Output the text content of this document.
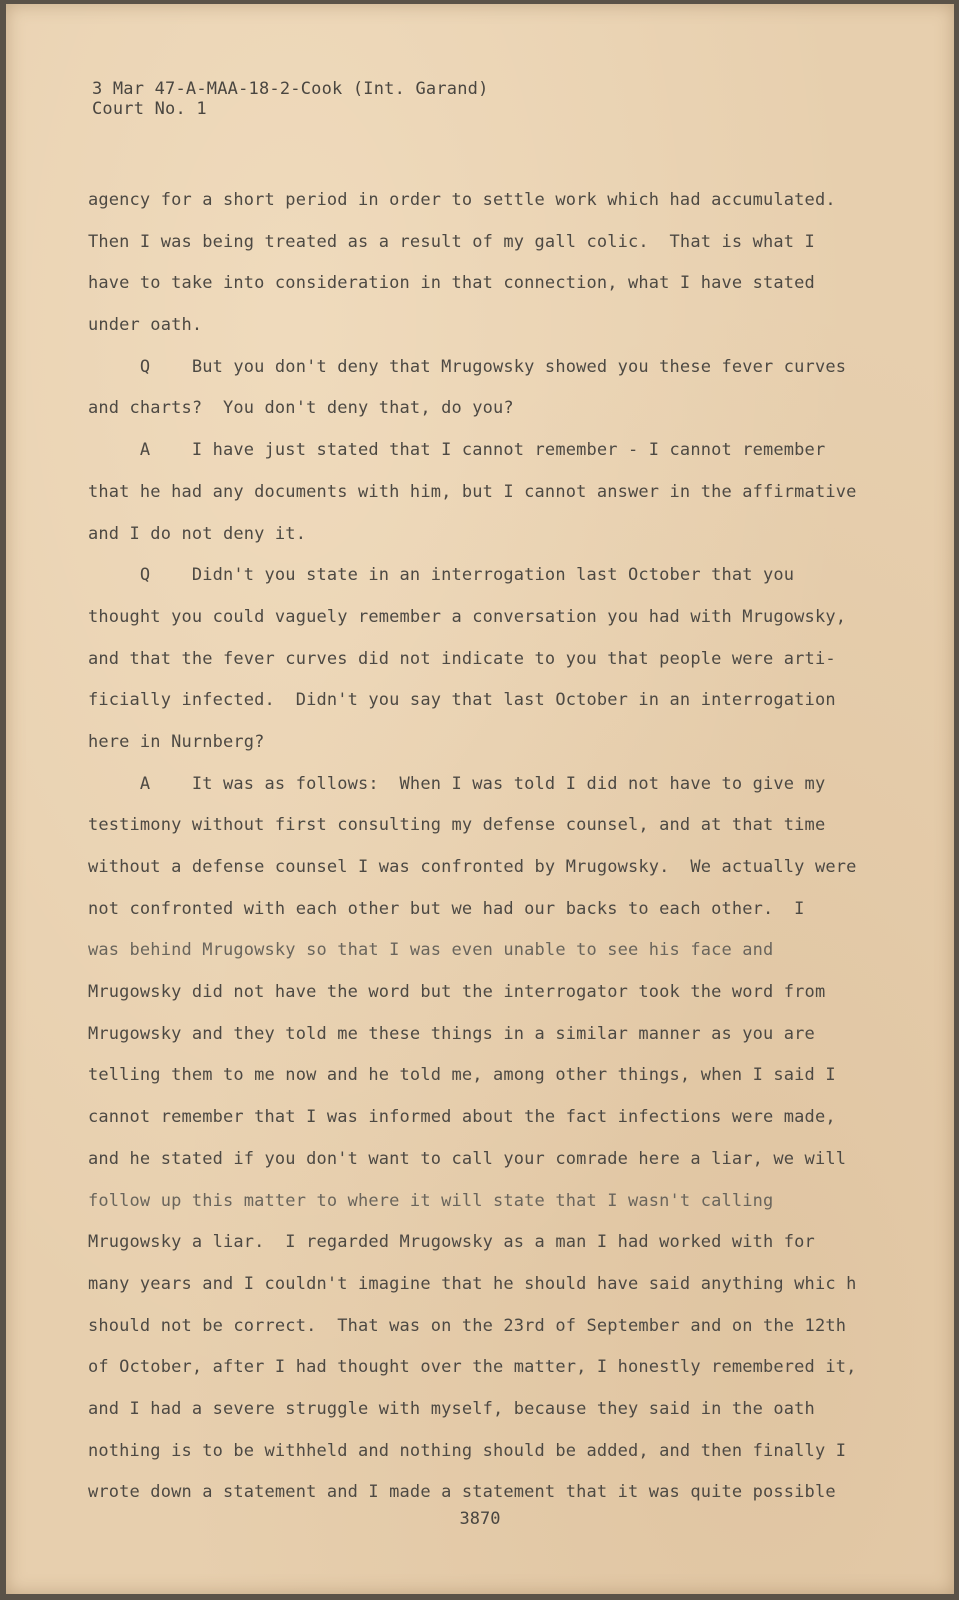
3 Mar 47-A-MAA-18-2-Cook (Int. Garand)
Court No. 1
agency for a short period in order to settle work which had accumulated.
Then I was being treated as a result of my gall colic.  That is what I
have to take into consideration in that connection, what I have stated
under oath.
Q    But you don't deny that Mrugowsky showed you these fever curves
and charts?  You don't deny that, do you?
A    I have just stated that I cannot remember - I cannot remember
that he had any documents with him, but I cannot answer in the affirmative
and I do not deny it.
Q    Didn't you state in an interrogation last October that you
thought you could vaguely remember a conversation you had with Mrugowsky,
and that the fever curves did not indicate to you that people were arti-
ficially infected.  Didn't you say that last October in an interrogation
here in Nurnberg?
A    It was as follows:  When I was told I did not have to give my
testimony without first consulting my defense counsel, and at that time
without a defense counsel I was confronted by Mrugowsky.  We actually were
not confronted with each other but we had our backs to each other.  I
was behind Mrugowsky so that I was even unable to see his face and
Mrugowsky did not have the word but the interrogator took the word from
Mrugowsky and they told me these things in a similar manner as you are
telling them to me now and he told me, among other things, when I said I
cannot remember that I was informed about the fact infections were made,
and he stated if you don't want to call your comrade here a liar, we will
follow up this matter to where it will state that I wasn't calling
Mrugowsky a liar.  I regarded Mrugowsky as a man I had worked with for
many years and I couldn't imagine that he should have said anything whic h
should not be correct.  That was on the 23rd of September and on the 12th
of October, after I had thought over the matter, I honestly remembered it,
and I had a severe struggle with myself, because they said in the oath
nothing is to be withheld and nothing should be added, and then finally I
wrote down a statement and I made a statement that it was quite possible
3870
